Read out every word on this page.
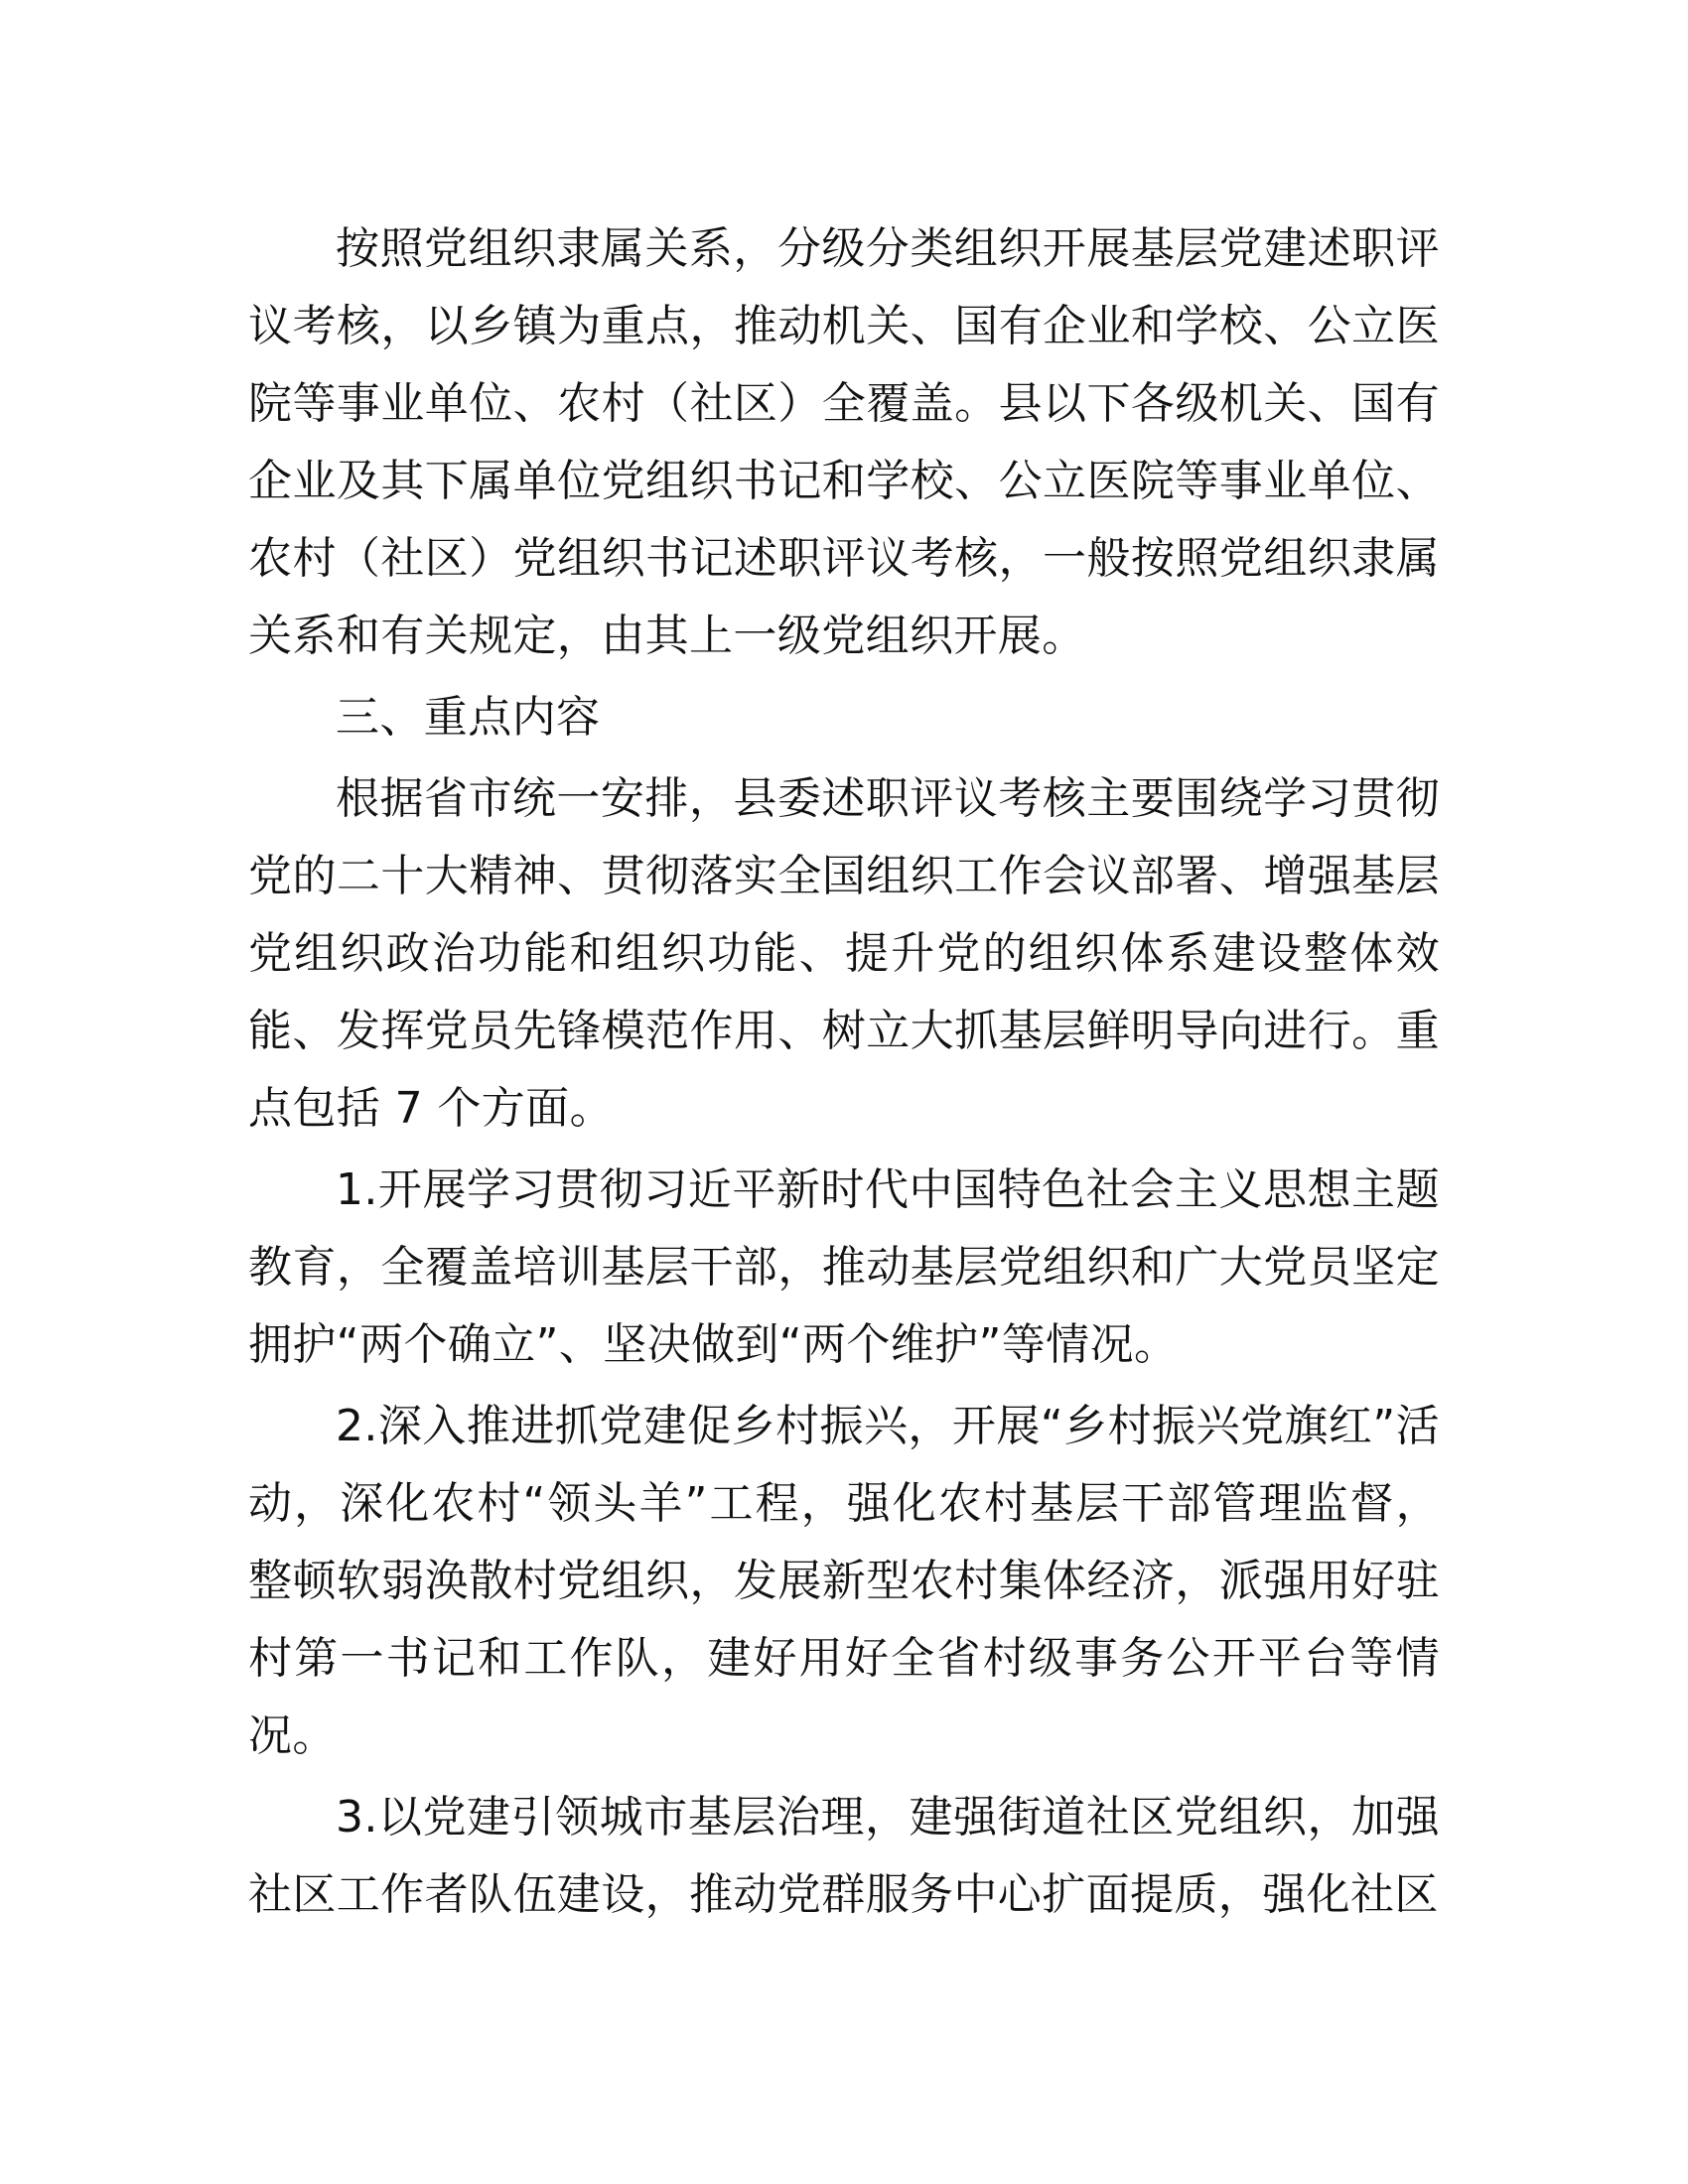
按照党组织隶属关系，分级分类组织开展基层党建述职评议考核，以乡镇为重点，推动机关、国有企业和学校、公立医院等事业单位、农村（社区）全覆盖。县以下各级机关、国有企业及其下属单位党组织书记和学校、公立医院等事业单位、农村（社区）党组织书记述职评议考核，一般按照党组织隶属关系和有关规定，由其上一级党组织开展。

三、重点内容

根据省市统一安排，县委述职评议考核主要围绕学习贯彻党的二十大精神、贯彻落实全国组织工作会议部署、增强基层党组织政治功能和组织功能、提升党的组织体系建设整体效能、发挥党员先锋模范作用、树立大抓基层鲜明导向进行。重点包括 7 个方面。

1.开展学习贯彻习近平新时代中国特色社会主义思想主题教育，全覆盖培训基层干部，推动基层党组织和广大党员坚定拥护“两个确立”、坚决做到“两个维护”等情况。

2.深入推进抓党建促乡村振兴，开展“乡村振兴党旗红”活动，深化农村“领头羊”工程，强化农村基层干部管理监督，整顿软弱涣散村党组织，发展新型农村集体经济，派强用好驻村第一书记和工作队，建好用好全省村级事务公开平台等情况。

3.以党建引领城市基层治理，建强街道社区党组织，加强社区工作者队伍建设，推动党群服务中心扩面提质，强化社区
